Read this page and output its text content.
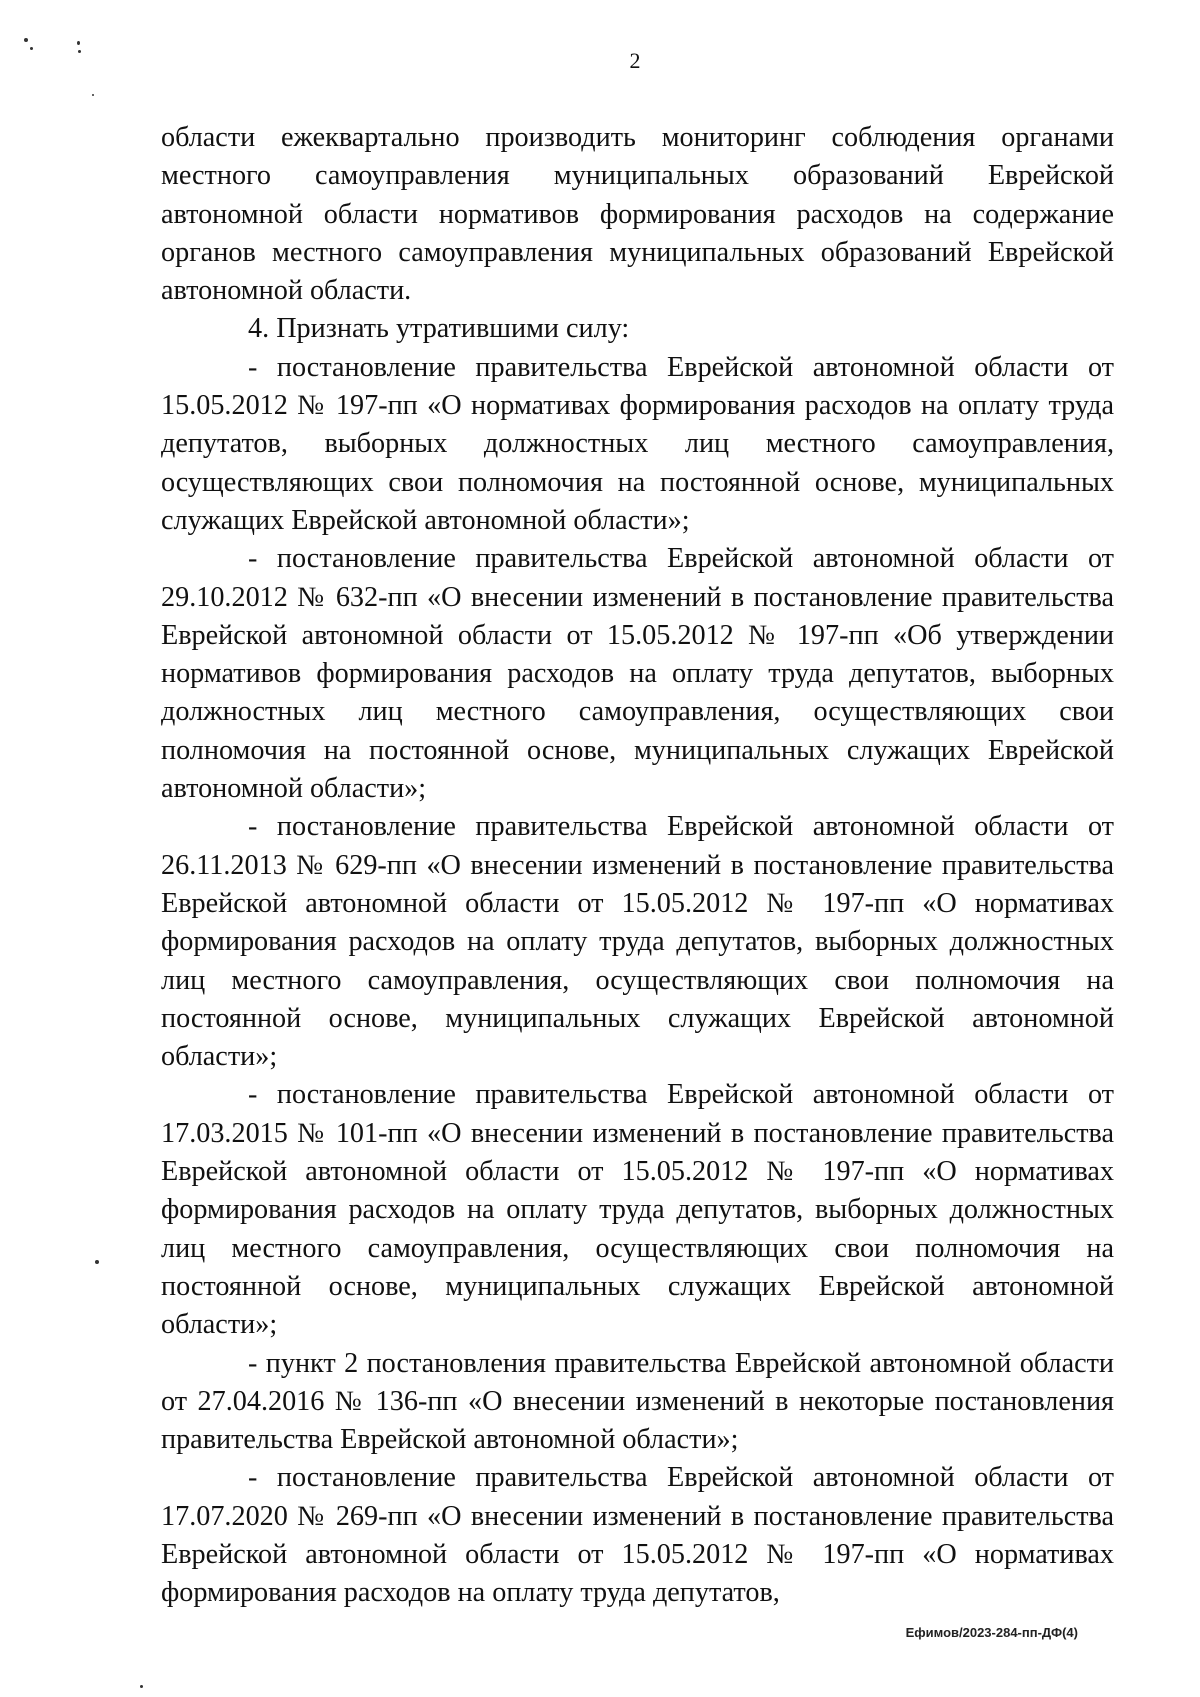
2

области ежеквартально производить мониторинг соблюдения органами местного самоуправления муниципальных образований Еврейской автономной области нормативов формирования расходов на содержание органов местного самоуправления муниципальных образований Еврейской автономной области.

4. Признать утратившими силу:

- постановление правительства Еврейской автономной области от 15.05.2012 № 197-пп «О нормативах формирования расходов на оплату труда депутатов, выборных должностных лиц местного самоуправления, осуществляющих свои полномочия на постоянной основе, муниципальных служащих Еврейской автономной области»;

- постановление правительства Еврейской автономной области от 29.10.2012 № 632-пп «О внесении изменений в постановление правительства Еврейской автономной области от 15.05.2012 № 197-пп «Об утверждении нормативов формирования расходов на оплату труда депутатов, выборных должностных лиц местного самоуправления, осуществляющих свои полномочия на постоянной основе, муниципальных служащих Еврейской автономной области»;

- постановление правительства Еврейской автономной области от 26.11.2013 № 629-пп «О внесении изменений в постановление правительства Еврейской автономной области от 15.05.2012 № 197-пп «О нормативах формирования расходов на оплату труда депутатов, выборных должностных лиц местного самоуправления, осуществляющих свои полномочия на постоянной основе, муниципальных служащих Еврейской автономной области»;

- постановление правительства Еврейской автономной области от 17.03.2015 № 101-пп «О внесении изменений в постановление правительства Еврейской автономной области от 15.05.2012 № 197-пп «О нормативах формирования расходов на оплату труда депутатов, выборных должностных лиц местного самоуправления, осуществляющих свои полномочия на постоянной основе, муниципальных служащих Еврейской автономной области»;

- пункт 2 постановления правительства Еврейской автономной области от 27.04.2016 № 136-пп «О внесении изменений в некоторые постановления правительства Еврейской автономной области»;

- постановление правительства Еврейской автономной области от 17.07.2020 № 269-пп «О внесении изменений в постановление правительства Еврейской автономной области от 15.05.2012 № 197-пп «О нормативах формирования расходов на оплату труда депутатов,

Ефимов/2023-284-пп-ДФ(4)
